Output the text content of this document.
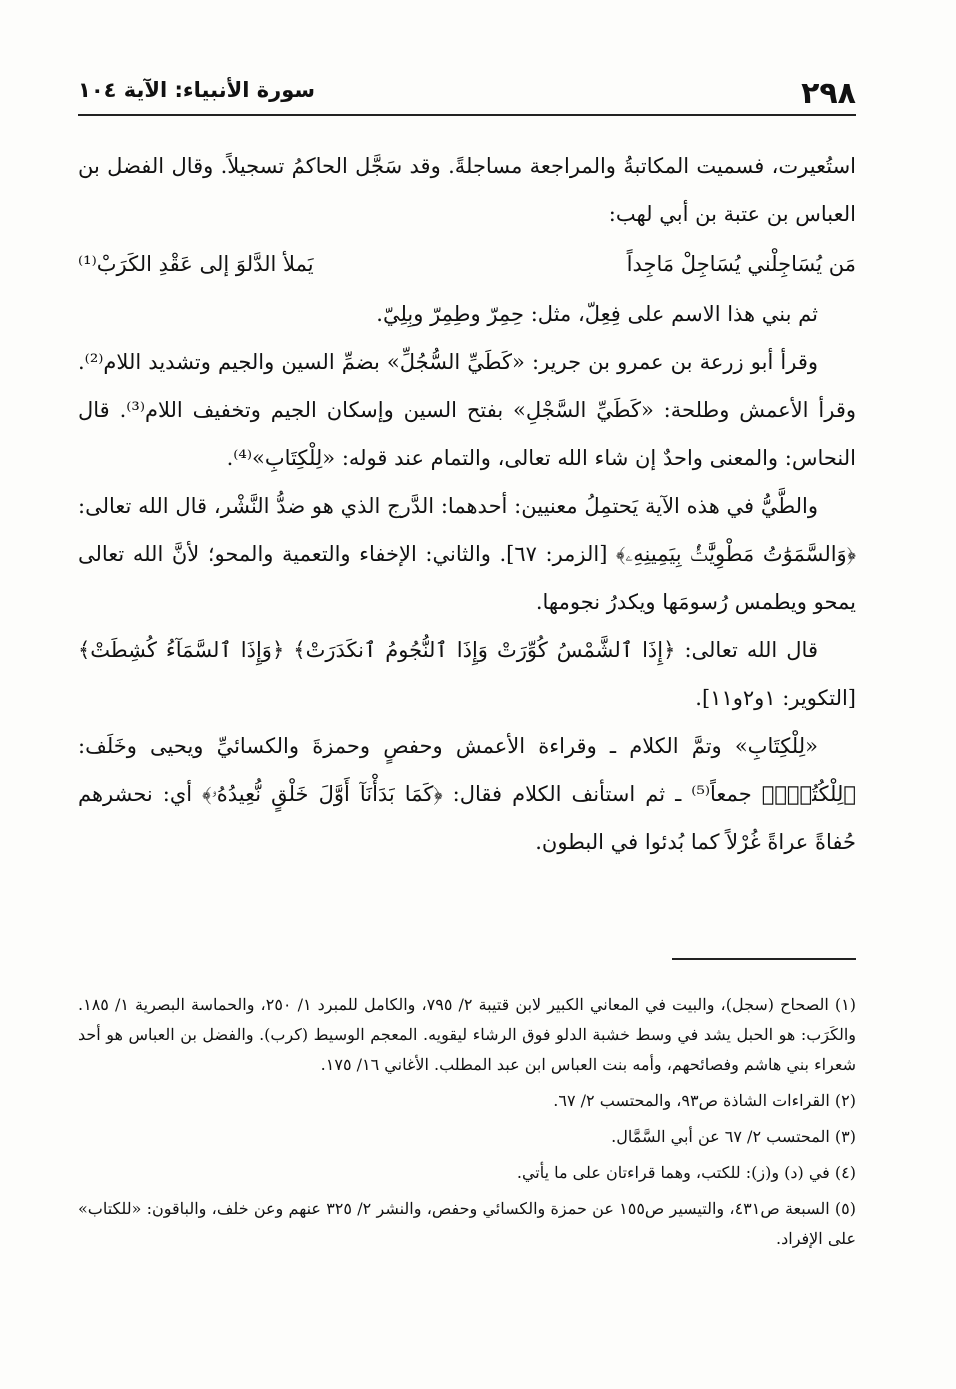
٢٩٨
سورة الأنبياء: الآية ١٠٤

استُعيرت، فسميت المكاتبةُ والمراجعة مساجلةً. وقد سَجَّل الحاكمُ تسجيلاً. وقال الفضل بن العباس بن عتبة بن أبي لهب:

مَن يُسَاجِلْني يُسَاجِلْ مَاجِداً
يَملأ الدَّلوَ إلى عَقْدِ الكَرَبْ⁽¹⁾

ثم بني هذا الاسم على فِعِلّ، مثل: حِمِرّ وطِمِرّ وبِلِيّ.

وقرأ أبو زرعة بن عمرو بن جرير: «كَطَيِّ السُّجُلِّ» بضمِّ السين والجيم وتشديد اللام⁽²⁾. وقرأ الأعمش وطلحة: «كَطَيِّ السَّجْلِ» بفتح السين وإسكان الجيم وتخفيف اللام⁽³⁾. قال النحاس: والمعنى واحدٌ إن شاء الله تعالى، والتمام عند قوله: «لِلْكِتَابِ»⁽⁴⁾.

والطَّيُّ في هذه الآية يَحتمِلُ معنيين: أحدهما: الدَّرج الذي هو ضدُّ النَّشْر، قال الله تعالى: ﴿وَالسَّمَوَٰتُ مَطْوِيَّٰتُۢ بِيَمِينِهِۦ﴾ [الزمر: ٦٧]. والثاني: الإخفاء والتعمية والمحو؛ لأنَّ الله تعالى يمحو ويطمس رُسومَها ويكدرُ نجومها.

قال الله تعالى: ﴿إِذَا ٱلشَّمْسُ كُوِّرَتْ وَإِذَا ٱلنُّجُومُ ٱنكَدَرَتْ﴾ ﴿وَإِذَا ٱلسَّمَآءُ كُشِطَتْ﴾ [التكوير: ١و٢و١١].

«لِلْكِتَابِ» وتمَّ الكلام ـ وقراءة الأعمش وحفصٍ وحمزةَ والكسائيِّ ويحيى وخَلَف: ﴿لِلْكُتُبِۚ﴾ جمعاً⁽⁵⁾ ـ ثم استأنف الكلام فقال: ﴿كَمَا بَدَأْنَآ أَوَّلَ خَلْقٍ نُّعِيدُهُۥ﴾ أي: نحشرهم حُفاةً عراةً غُرْلاً كما بُدئوا في البطون.

(١) الصحاح (سجل)، والبيت في المعاني الكبير لابن قتيبة ٢/ ٧٩٥، والكامل للمبرد ١/ ٢٥٠، والحماسة البصرية ١/ ١٨٥. والكَرَب: هو الحبل يشد في وسط خشبة الدلو فوق الرشاء ليقويه. المعجم الوسيط (كرب). والفضل بن العباس هو أحد شعراء بني هاشم وفصائحهم، وأمه بنت العباس ابن عبد المطلب. الأغاني ١٦/ ١٧٥.

(٢) القراءات الشاذة ص٩٣، والمحتسب ٢/ ٦٧.

(٣) المحتسب ٢/ ٦٧ عن أبي السَّمَّال.

(٤) في (د) و(ز): للكتب، وهما قراءتان على ما يأتي.

(٥) السبعة ص٤٣١، والتيسير ص١٥٥ عن حمزة والكسائي وحفص، والنشر ٢/ ٣٢٥ عنهم وعن خلف، والباقون: «للكتاب» على الإفراد.
